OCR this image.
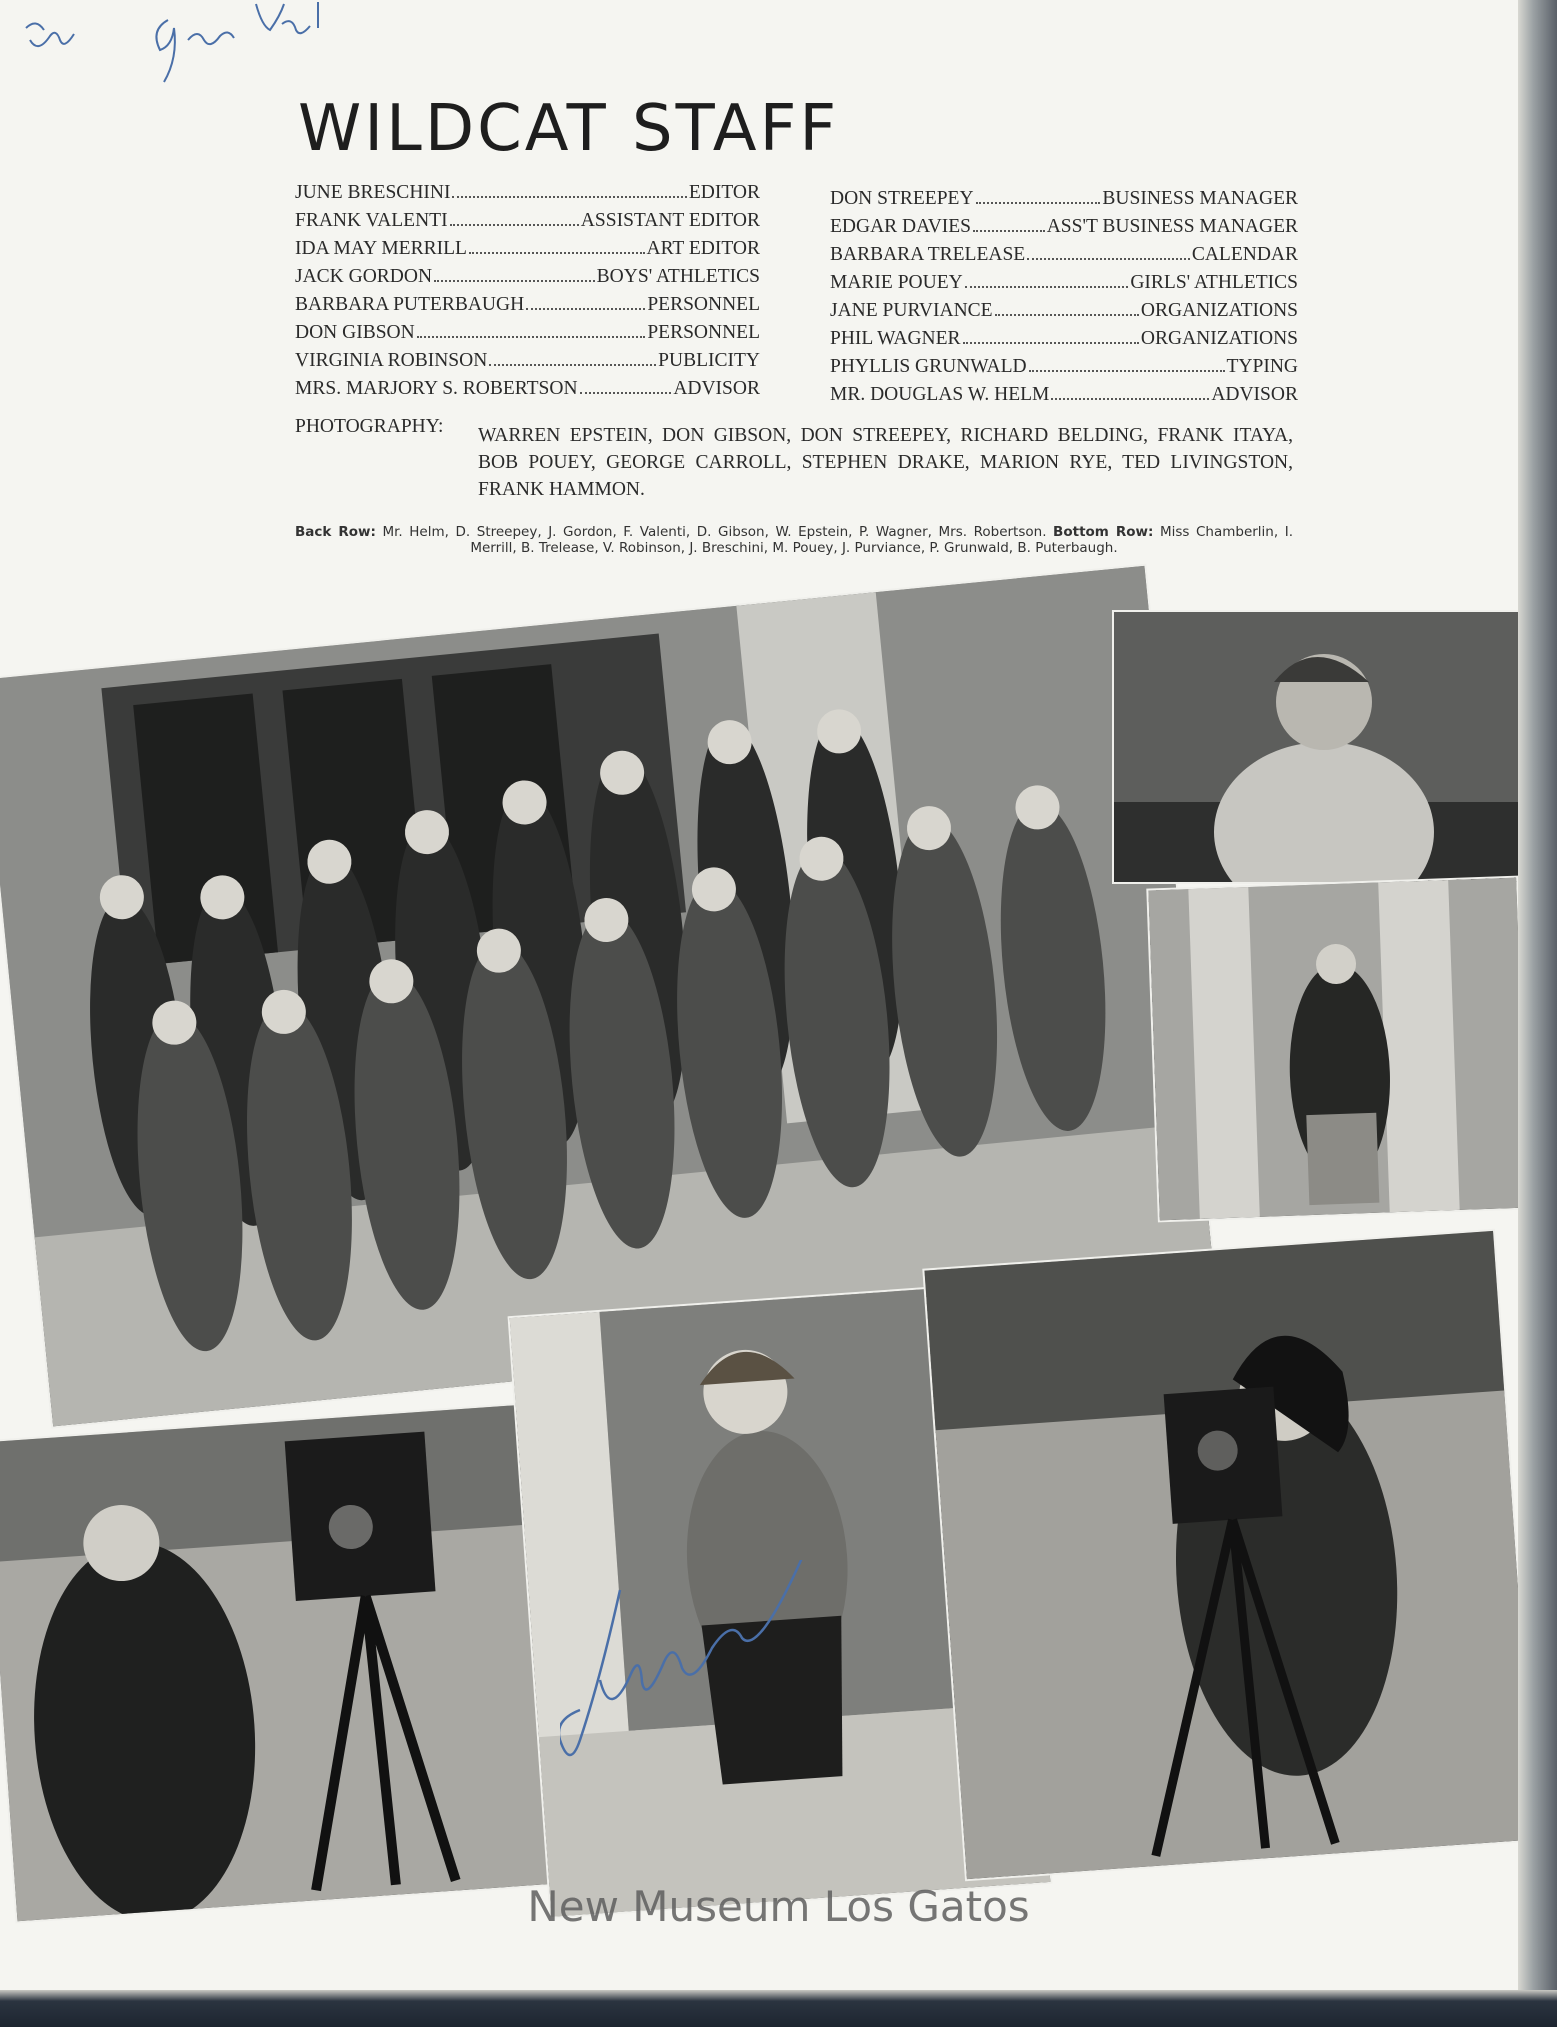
WILDCAT STAFF
JUNE BRESCHINI	EDITOR
FRANK VALENTI	ASSISTANT EDITOR
IDA MAY MERRILL	ART EDITOR
JACK GORDON	BOYS' ATHLETICS
BARBARA PUTERBAUGH	PERSONNEL
DON GIBSON	PERSONNEL
VIRGINIA ROBINSON	PUBLICITY
MRS. MARJORY S. ROBERTSON	ADVISOR
DON STREEPEY	BUSINESS MANAGER
EDGAR DAVIES	ASS'T BUSINESS MANAGER
BARBARA TRELEASE	CALENDAR
MARIE POUEY	GIRLS' ATHLETICS
JANE PURVIANCE	ORGANIZATIONS
PHIL WAGNER	ORGANIZATIONS
PHYLLIS GRUNWALD	TYPING
MR. DOUGLAS W. HELM	ADVISOR
PHOTOGRAPHY: WARREN EPSTEIN, DON GIBSON, DON STREEPEY, RICHARD BELDING, FRANK ITAYA, BOB POUEY, GEORGE CARROLL, STEPHEN DRAKE, MARION RYE, TED LIVINGSTON, FRANK HAMMON.
Back Row: Mr. Helm, D. Streepey, J. Gordon, F. Valenti, D. Gibson, W. Epstein, P. Wagner, Mrs. Robertson. Bottom Row: Miss Chamberlin, I. Merrill, B. Trelease, V. Robinson, J. Breschini, M. Pouey, J. Purviance, P. Grunwald, B. Puterbaugh.
New Museum Los Gatos
